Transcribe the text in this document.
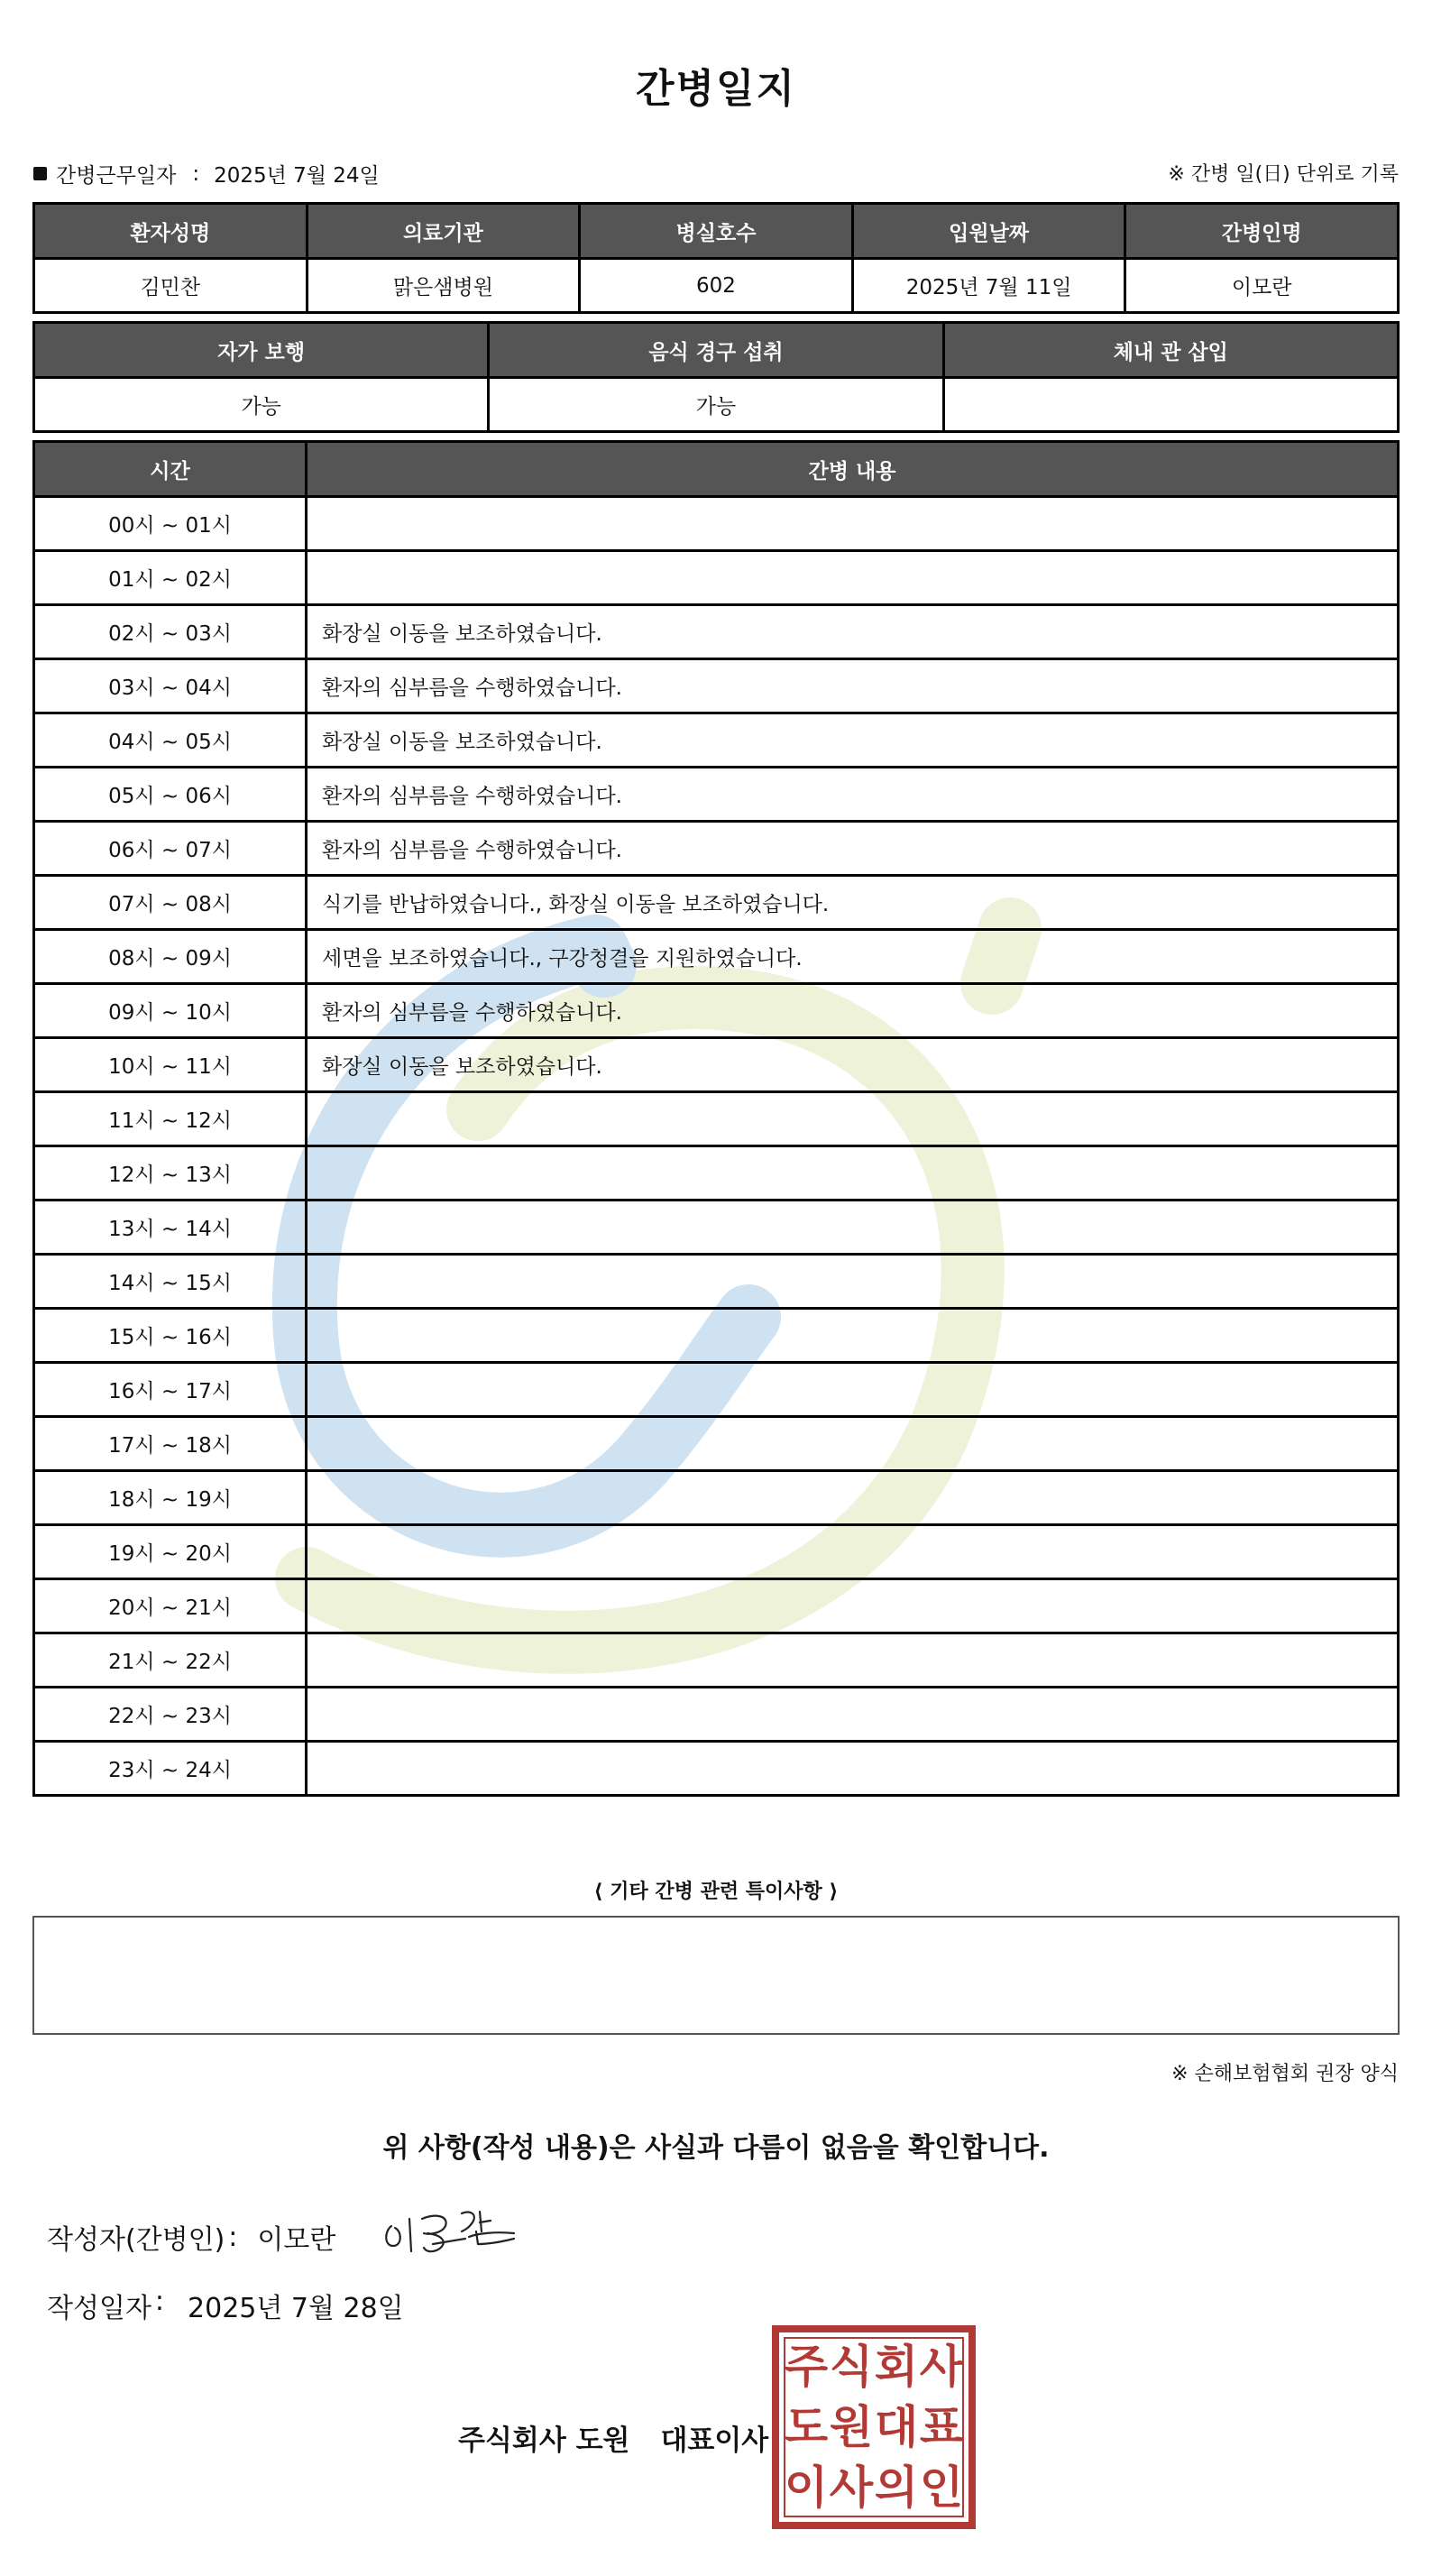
간병일지
간병근무일자 : 2025년 7월 24일	※ 간병 일(日) 단위로 기록
환자성명	의료기관	병실호수	입원날짜	간병인명
김민찬	맑은샘병원	602	2025년 7월 11일	이모란
자가 보행	음식 경구 섭취	체내 관 삽입
가능	가능	
시간	간병 내용
00시 ~ 01시	
01시 ~ 02시	
02시 ~ 03시	화장실 이동을 보조하였습니다.
03시 ~ 04시	환자의 심부름을 수행하였습니다.
04시 ~ 05시	화장실 이동을 보조하였습니다.
05시 ~ 06시	환자의 심부름을 수행하였습니다.
06시 ~ 07시	환자의 심부름을 수행하였습니다.
07시 ~ 08시	식기를 반납하였습니다., 화장실 이동을 보조하였습니다.
08시 ~ 09시	세면을 보조하였습니다., 구강청결을 지원하였습니다.
09시 ~ 10시	환자의 심부름을 수행하였습니다.
10시 ~ 11시	화장실 이동을 보조하였습니다.
11시 ~ 12시	
12시 ~ 13시	
13시 ~ 14시	
14시 ~ 15시	
15시 ~ 16시	
16시 ~ 17시	
17시 ~ 18시	
18시 ~ 19시	
19시 ~ 20시	
20시 ~ 21시	
21시 ~ 22시	
22시 ~ 23시	
23시 ~ 24시	
⟨ 기타 간병 관련 특이사항 ⟩
※ 손해보험협회 권장 양식
위 사항(작성 내용)은 사실과 다름이 없음을 확인합니다.
작성자(간병인) : 이모란
작성일자 : 2025년 7월 28일
주식회사 도원 대표이사
주 식 회 사
도 원 대 표
이 사 의 인
